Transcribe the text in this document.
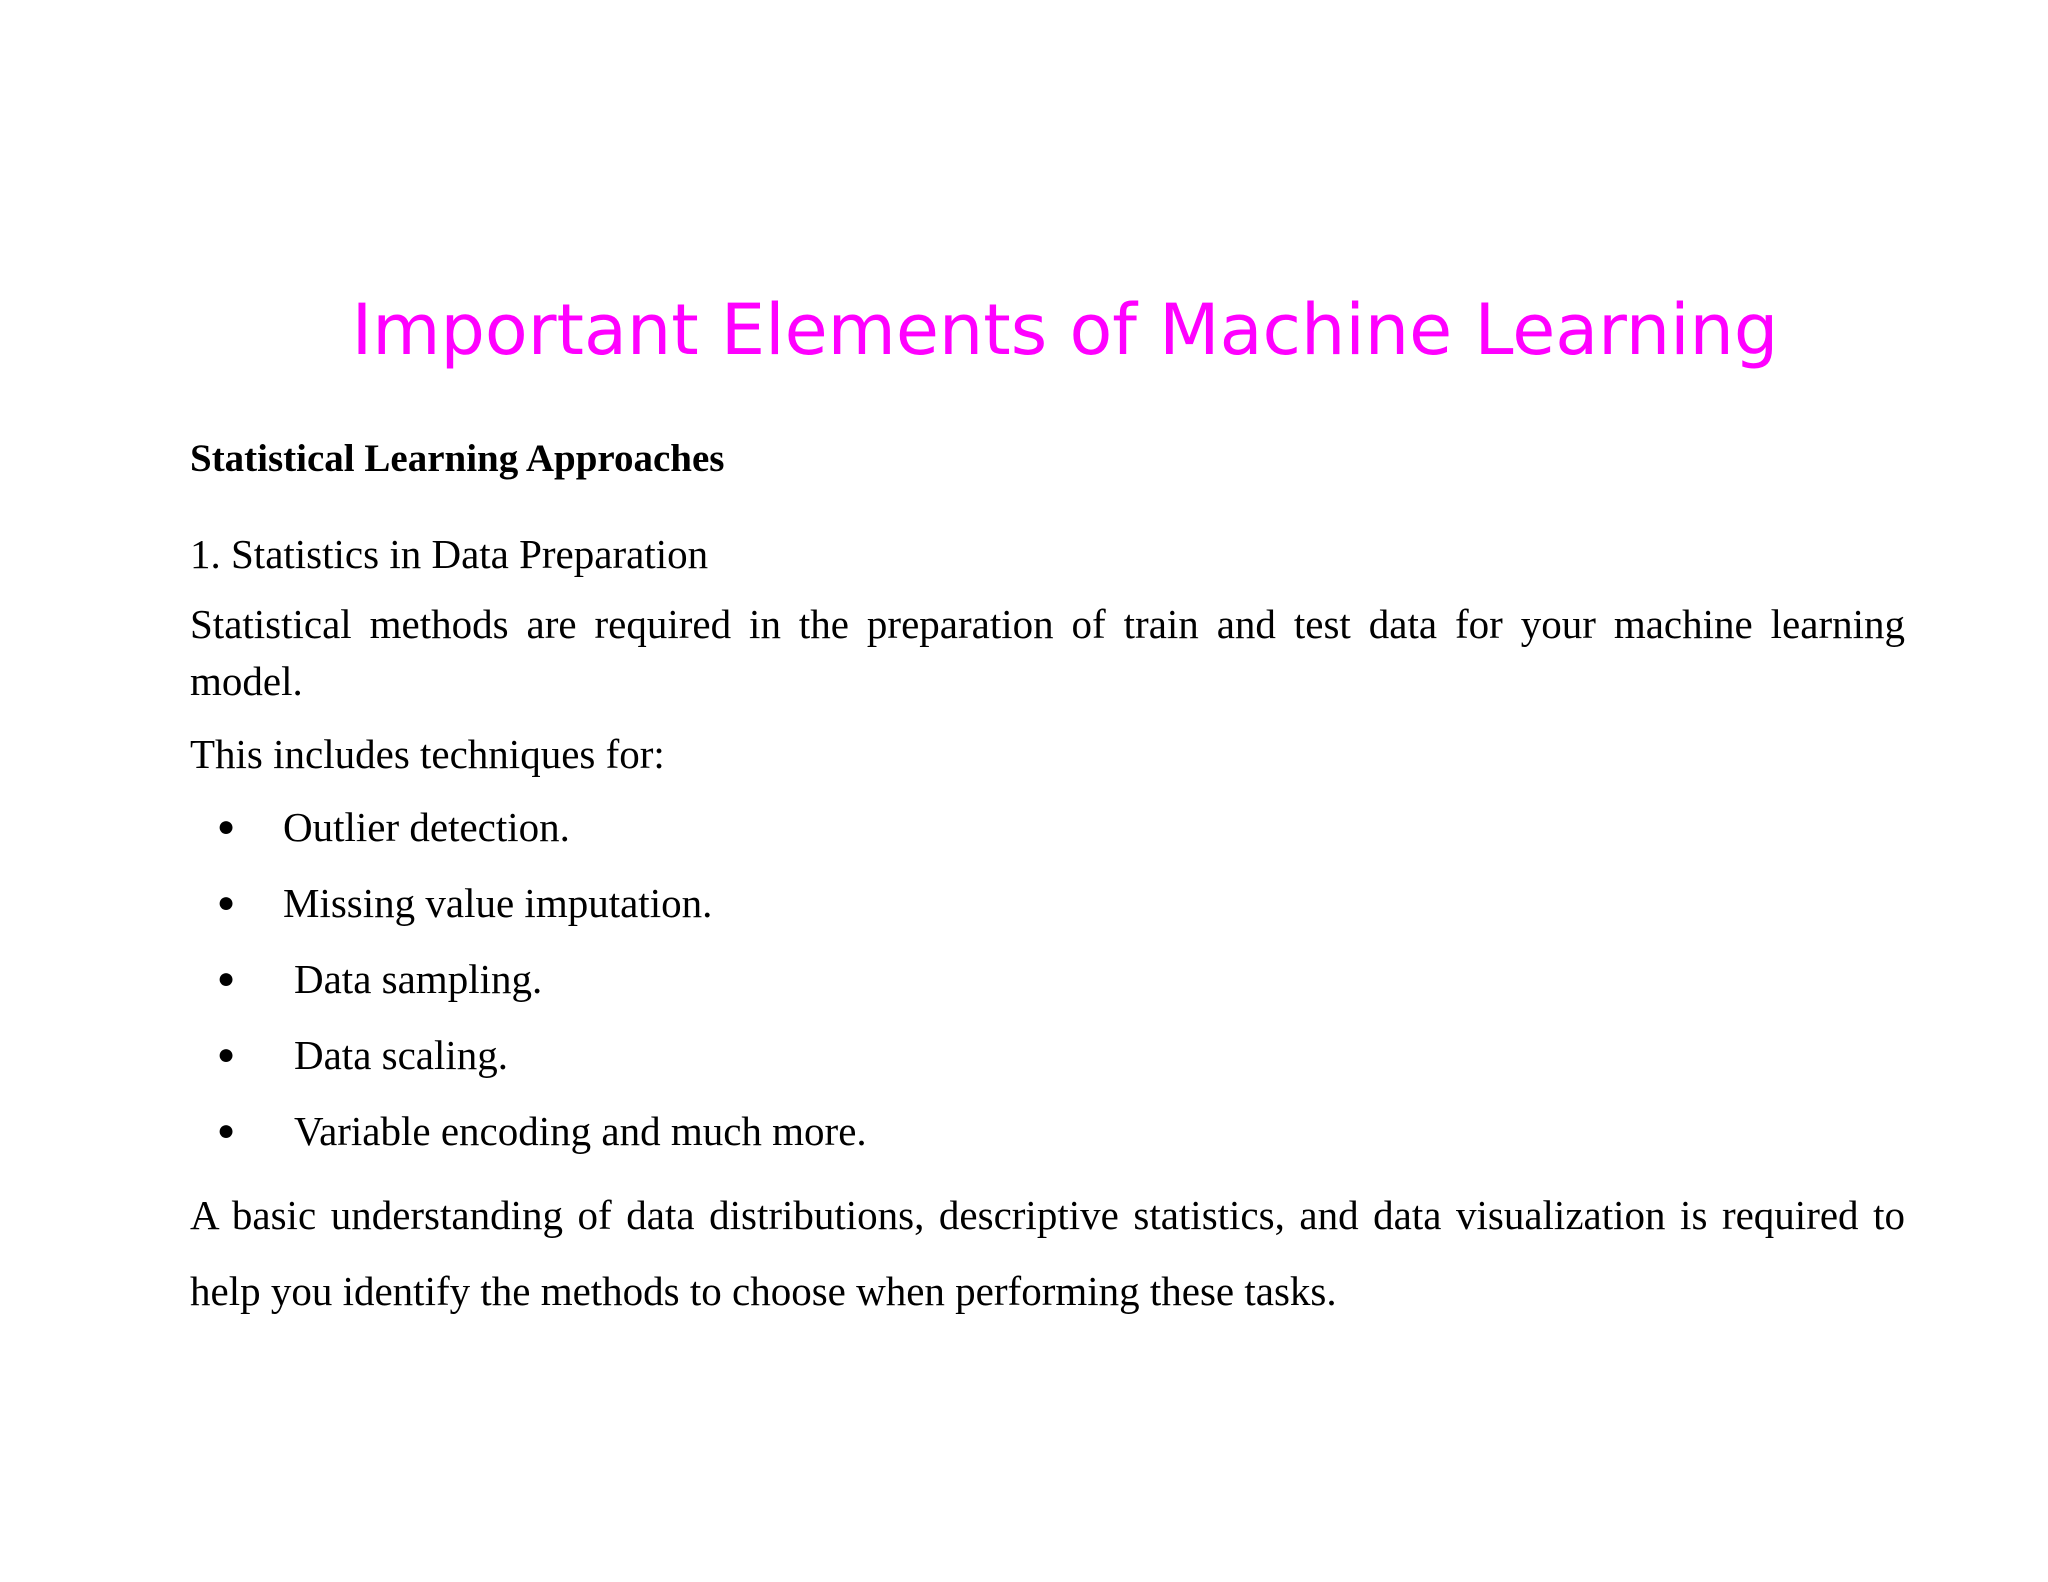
Important Elements of Machine Learning
Statistical Learning Approaches
1. Statistics in Data Preparation
Statistical methods are required in the preparation of train and test data for your machine learning model.
This includes techniques for:
●	Outlier detection.
●	Missing value imputation.
●	Data sampling.
●	Data scaling.
●	Variable encoding and much more.
A basic understanding of data distributions, descriptive statistics, and data visualization is required to help you identify the methods to choose when performing these tasks.
